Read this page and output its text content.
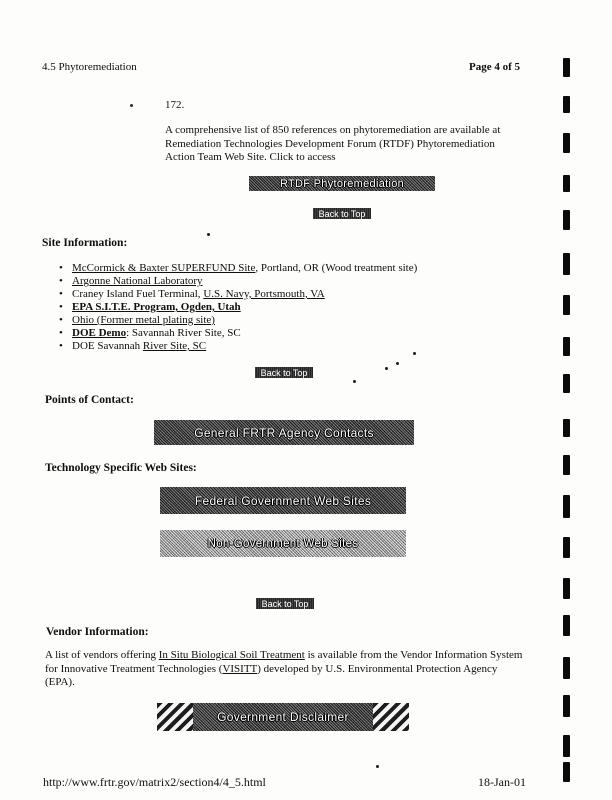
4.5 Phytoremediation	Page 4 of 5
172.
A comprehensive list of 850 references on phytoremediation are available at Remediation Technologies Development Forum (RTDF) Phytoremediation Action Team Web Site. Click to access
RTDF Phytoremediation
Back to Top
Site Information:
• McCormick & Baxter SUPERFUND Site, Portland, OR (Wood treatment site)
• Argonne National Laboratory
• Craney Island Fuel Terminal, U.S. Navy, Portsmouth, VA
• EPA S.I.T.E. Program, Ogden, Utah
• Ohio (Former metal plating site)
• DOE Demo: Savannah River Site, SC
• DOE Savannah River Site, SC
Back to Top
Points of Contact:
General FRTR Agency Contacts
Technology Specific Web Sites:
Federal Government Web Sites
Non-Government Web Sites
Back to Top
Vendor Information:
A list of vendors offering In Situ Biological Soil Treatment is available from the Vendor Information System for Innovative Treatment Technologies (VISITT) developed by U.S. Environmental Protection Agency (EPA).
Government Disclaimer
http://www.frtr.gov/matrix2/section4/4_5.html	18-Jan-01
